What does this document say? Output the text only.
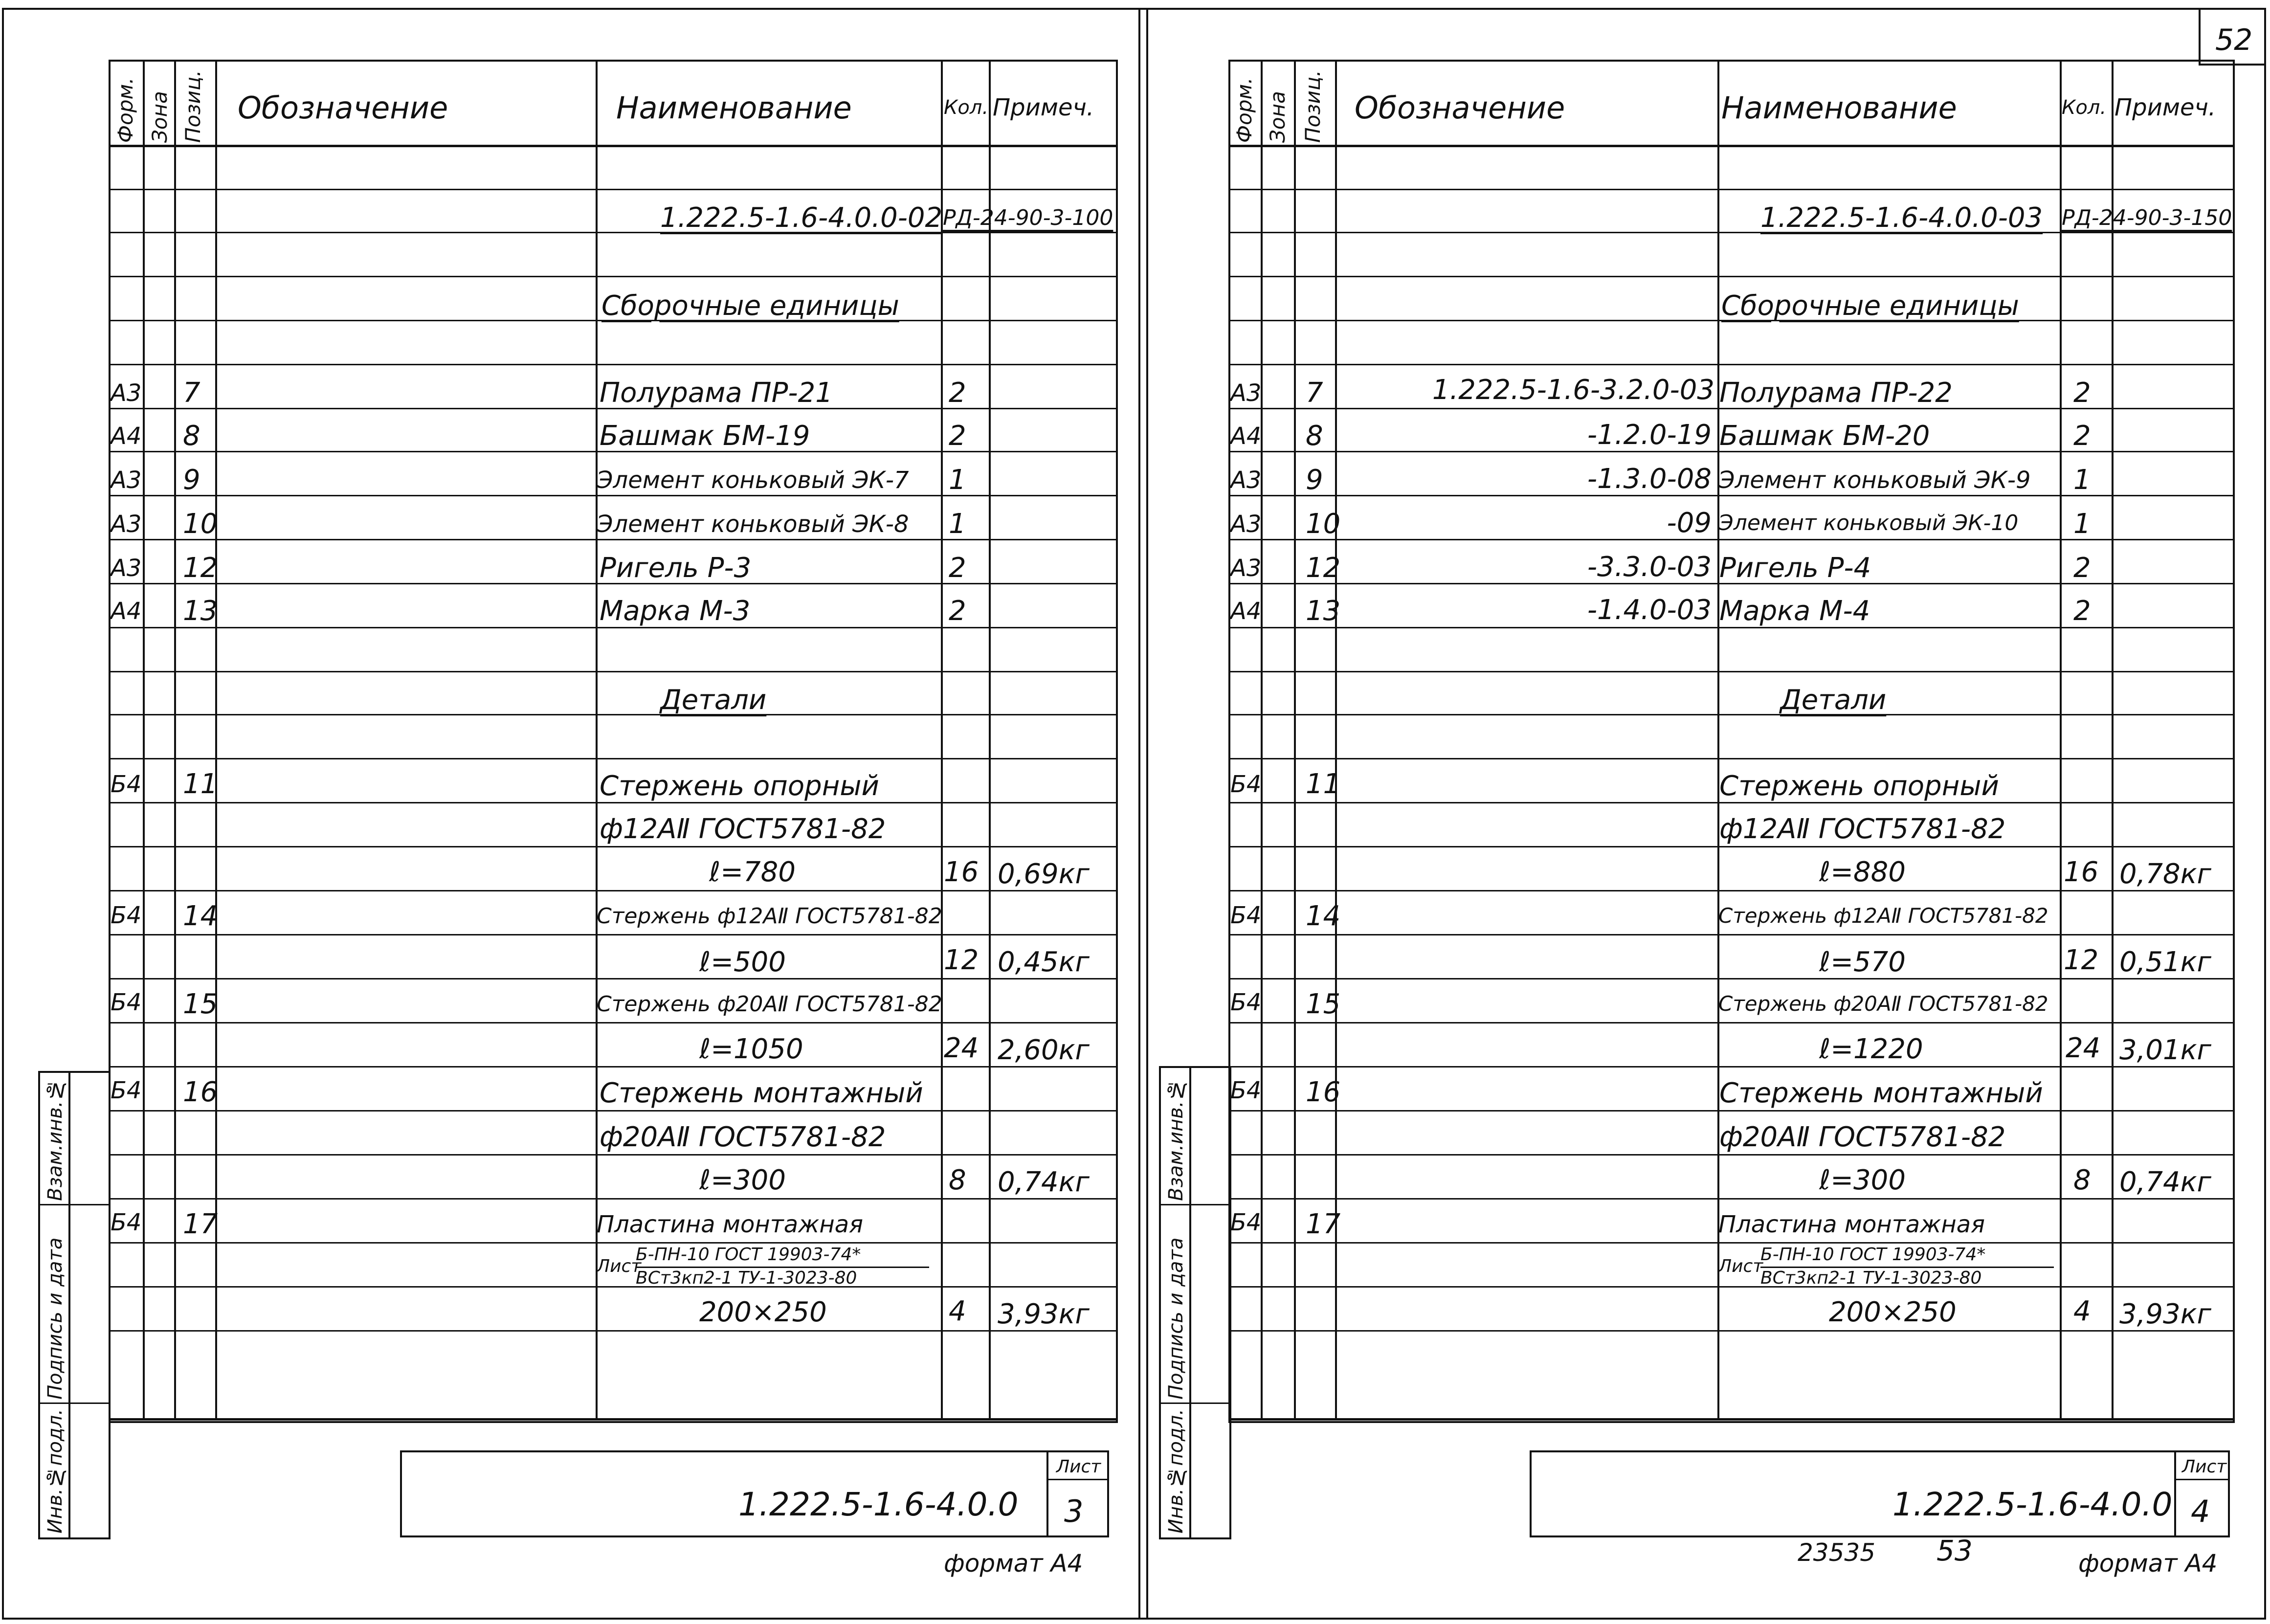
52
Форм. Зона Позиц. Обозначение	Наименование	Кол. Примеч.
1.222.5-1.6-4.0.0-02 РД-24-90-3-100
Сборочные единицы
А3 7	Полурама ПР-21	2
А4 8	Башмак БМ-19	2
А3 9	Элемент коньковый ЭК-7 1
А3 10	Элемент коньковый ЭК-8 1
А3 12	Ригель Р-3	2
А4 13	Марка М-3	2
Детали
Б4 11	Стержень опорный
ф12АⅡ ГОСТ5781-82
ℓ=780	16 0,69кг
Б4 14	Стержень ф12АⅡ ГОСТ5781-82
ℓ=500	12 0,45кг
Б4 15	Стержень ф20АⅡ ГОСТ5781-82
ℓ=1050	24 2,60кг
Б4 16	Стержень монтажный
ф20АⅡ ГОСТ5781-82
ℓ=300	8 0,74кг
Б4 17	Пластина монтажная
Лист
Б-ПН-10 ГОСТ 19903-74*
ВСт3кп2-1 ТУ-1-3023-80
200×250	4 3,93кг
1.222.5-1.6-4.0.0
Лист
3
формат А4
Взам.инв.№
Подпись и дата
Инв.№подл.
Форм. Зона Позиц. Обозначение	Наименование	Кол. Примеч.
1.222.5-1.6-4.0.0-03 РД-24-90-3-150
Сборочные единицы
А3 7	1.222.5-1.6-3.2.0-03 Полурама ПР-22	2
А4 8	-1.2.0-19 Башмак БМ-20	2
А3 9	-1.3.0-08 Элемент коньковый ЭК-9 1
А3 10	-09 Элемент коньковый ЭК-10 1
А3 12	-3.3.0-03 Ригель Р-4	2
А4 13	-1.4.0-03 Марка М-4	2
Детали
Б4 11	Стержень опорный
ф12АⅡ ГОСТ5781-82
ℓ=880	16 0,78кг
Б4 14	Стержень ф12АⅡ ГОСТ5781-82
ℓ=570	12 0,51кг
Б4 15	Стержень ф20АⅡ ГОСТ5781-82
ℓ=1220	24 3,01кг
Б4 16	Стержень монтажный
ф20АⅡ ГОСТ5781-82
ℓ=300	8 0,74кг
Б4 17	Пластина монтажная
Лист
Б-ПН-10 ГОСТ 19903-74*
ВСт3кп2-1 ТУ-1-3023-80
200×250	4 3,93кг
1.222.5-1.6-4.0.0
Лист
4
23535 53	формат А4
Взам.инв.№
Подпись и дата
Инв.№подл.
